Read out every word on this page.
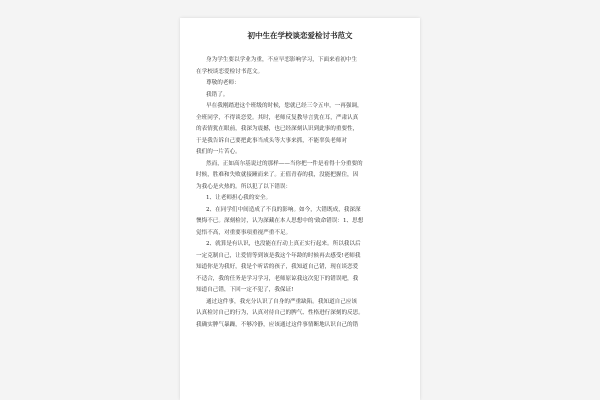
初中生在学校谈恋爱检讨书范文
身为学生要以学业为重，不应早恋影响学习，下面来看初中生
在学校谈恋爱检讨书范文。
尊敬的老师：
我错了。
早在我刚踏进这个班级的时候，您就已经三令五申，一再强调，
全班同学，不得谈恋爱。其时，老师反复教导言犹在耳，严肃认真
的表情犹在眼前，我深为震撼，也已经深刻认识到此事的重要性，
于是我告诉自己要把此事当成头等大事来抓，不能辜负老师对
我们的一片苦心。
然而，正如高尔基说过的那样——当你把一件是看得十分重要的
时候，胜难和失败就接踵而来了。正值青春的我，没能把握住，因
为我心是火热的。所以犯了以下错误：
1、让老师担心我的安全。
2、在同学们中间造成了不良的影响。如今，大错既成，我深深
懊悔不已。深刻检讨，认为深藏在本人思想中的'致命错误：1、思想
觉悟不高，对重要事项重视严重不足。
2、就算是有认识，也没能在行动上真正实行起来。所以我以后
一定克制自己，让爱情等到该是我这个年龄的时候再去感受!老师我
知道你是为我好，我是个听话的孩子，我知道自己错，现在谈恋爱
不适合，我的任务是学习学习，老师原谅我这次犯下的错误吧，我
知道自己错，下回一定不犯了，我保证!
通过这件事，我充分认识了自身的严重缺陷。我知道自己应该
认真检讨自己的行为，认真对待自己的脾气、性格进行深刻的反思。
我确实脾气暴躁，不够冷静，应该通过这件事情断地认识自己的错
